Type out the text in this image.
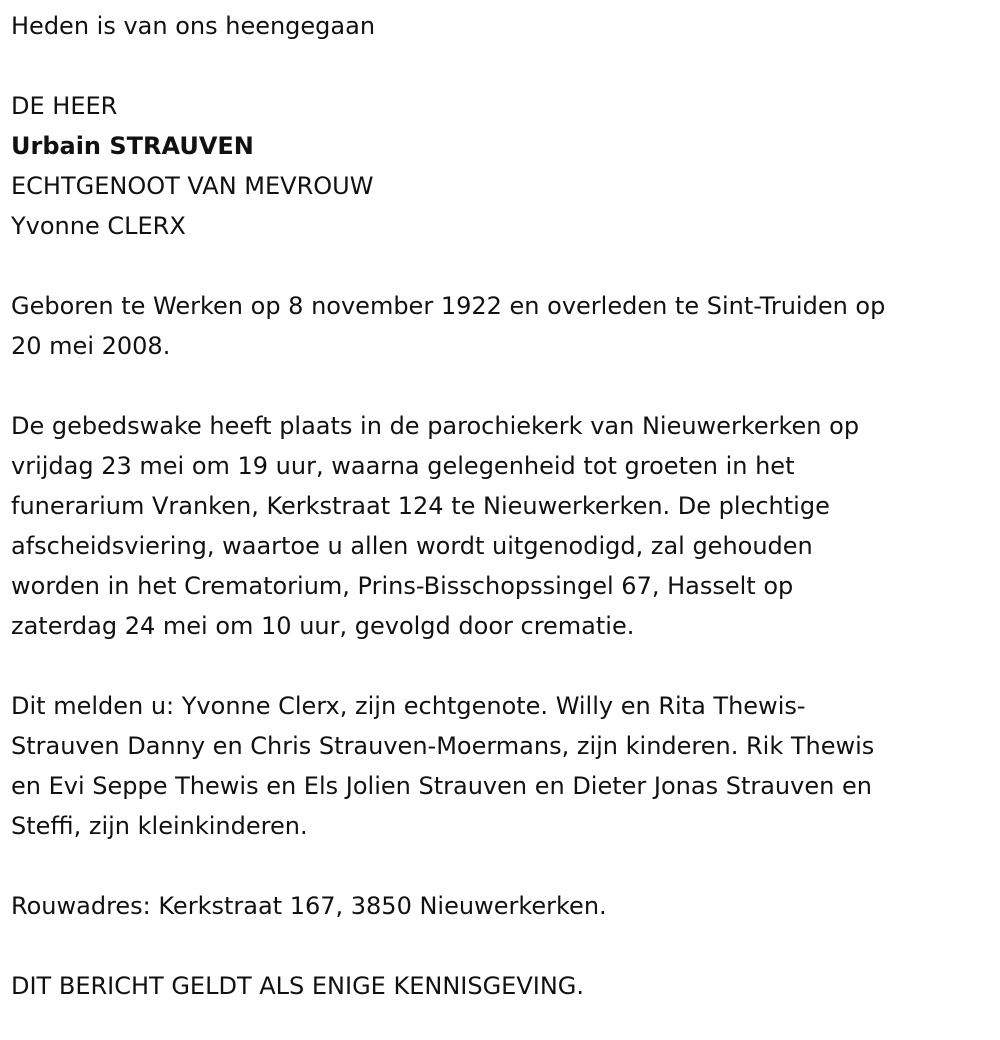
Heden is van ons heengegaan

DE HEER

Urbain STRAUVEN

ECHTGENOOT VAN MEVROUW

Yvonne CLERX

Geboren te Werken op 8 november 1922 en overleden te Sint-Truiden op
20 mei 2008.

De gebedswake heeft plaats in de parochiekerk van Nieuwerkerken op
vrijdag 23 mei om 19 uur, waarna gelegenheid tot groeten in het
funerarium Vranken, Kerkstraat 124 te Nieuwerkerken. De plechtige
afscheidsviering, waartoe u allen wordt uitgenodigd, zal gehouden
worden in het Crematorium, Prins-Bisschopssingel 67, Hasselt op
zaterdag 24 mei om 10 uur, gevolgd door crematie.

Dit melden u: Yvonne Clerx, zijn echtgenote. Willy en Rita Thewis-
Strauven Danny en Chris Strauven-Moermans, zijn kinderen. Rik Thewis
en Evi Seppe Thewis en Els Jolien Strauven en Dieter Jonas Strauven en
Steffi, zijn kleinkinderen.

Rouwadres: Kerkstraat 167, 3850 Nieuwerkerken.

DIT BERICHT GELDT ALS ENIGE KENNISGEVING.
